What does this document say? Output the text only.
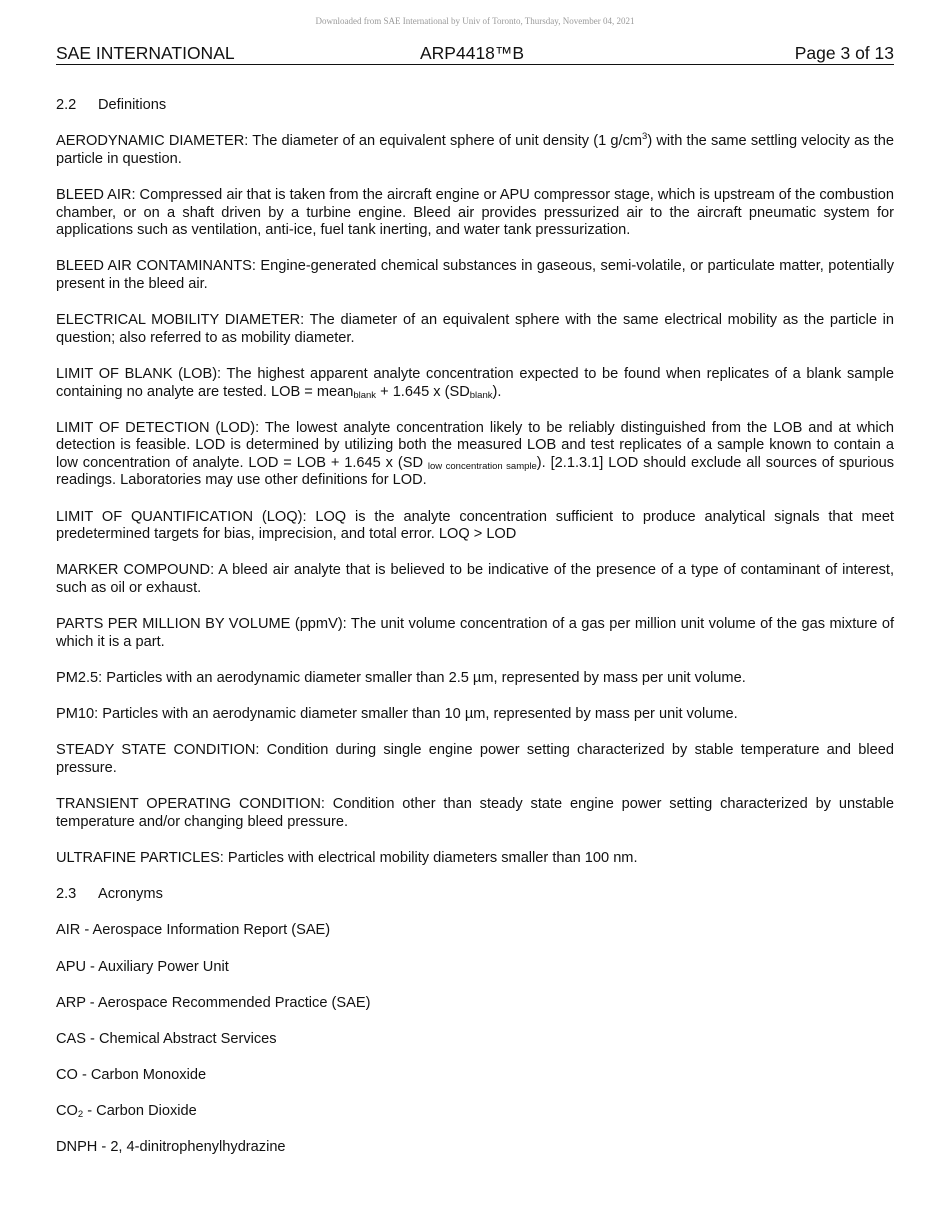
Downloaded from SAE International by Univ of Toronto, Thursday, November 04, 2021
SAE INTERNATIONAL	ARP4418™B	Page 3 of 13
2.2 Definitions

AERODYNAMIC DIAMETER: The diameter of an equivalent sphere of unit density (1 $g/cm^3$) with the same settling velocity as the particle in question.

BLEED AIR: Compressed air that is taken from the aircraft engine or APU compressor stage, which is upstream of the combustion chamber, or on a shaft driven by a turbine engine. Bleed air provides pressurized air to the aircraft pneumatic system for applications such as ventilation, anti-ice, fuel tank inerting, and water tank pressurization.

BLEED AIR CONTAMINANTS: Engine-generated chemical substances in gaseous, semi-volatile, or particulate matter, potentially present in the bleed air.

ELECTRICAL MOBILITY DIAMETER: The diameter of an equivalent sphere with the same electrical mobility as the particle in question; also referred to as mobility diameter.

LIMIT OF BLANK (LOB): The highest apparent analyte concentration expected to be found when replicates of a blank sample containing no analyte are tested. LOB = mean$_{blank}$ + 1.645 x $(SD_{blank})$.

LIMIT OF DETECTION (LOD): The lowest analyte concentration likely to be reliably distinguished from the LOB and at which detection is feasible. LOD is determined by utilizing both the measured LOB and test replicates of a sample known to contain a low concentration of analyte. LOD = LOB + 1.645 x (SD $_{low concentration sample}$). [2.1.3.1] LOD should exclude all sources of spurious readings. Laboratories may use other definitions for LOD.

LIMIT OF QUANTIFICATION (LOQ): LOQ is the analyte concentration sufficient to produce analytical signals that meet predetermined targets for bias, imprecision, and total error. LOQ > LOD

MARKER COMPOUND: A bleed air analyte that is believed to be indicative of the presence of a type of contaminant of interest, such as oil or exhaust.

PARTS PER MILLION BY VOLUME (ppmV): The unit volume concentration of a gas per million unit volume of the gas mixture of which it is a part.

PM2.5: Particles with an aerodynamic diameter smaller than 2.5 µm, represented by mass per unit volume.

PM10: Particles with an aerodynamic diameter smaller than 10 µm, represented by mass per unit volume.

STEADY STATE CONDITION: Condition during single engine power setting characterized by stable temperature and bleed pressure.

TRANSIENT OPERATING CONDITION: Condition other than steady state engine power setting characterized by unstable temperature and/or changing bleed pressure.

ULTRAFINE PARTICLES: Particles with electrical mobility diameters smaller than 100 nm.

2.3 Acronyms

AIR - Aerospace Information Report (SAE)

APU - Auxiliary Power Unit

ARP - Aerospace Recommended Practice (SAE)

CAS - Chemical Abstract Services

CO - Carbon Monoxide

$CO_2$ - Carbon Dioxide

DNPH - 2, 4-dinitrophenylhydrazine
